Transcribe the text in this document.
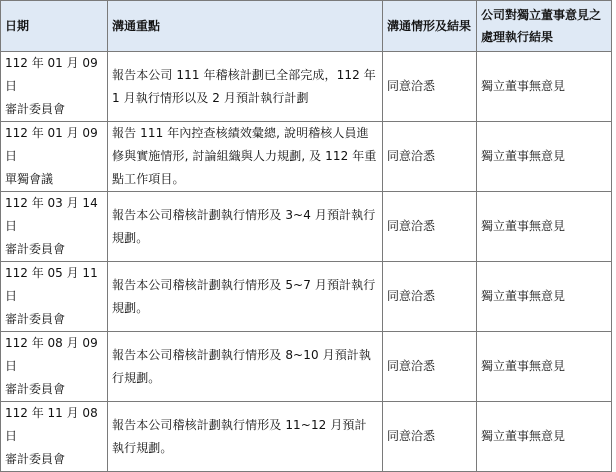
日期	溝通重點	溝通情形及結果	公司對獨立董事意見之處理執行結果

112 年 01 月 09 日
審計委員會	報告本公司 111 年稽核計劃已全部完成，112 年 1 月執行情形以及 2 月預計執行計劃	同意洽悉	獨立董事無意見

112 年 01 月 09 日
單獨會議	報告 111 年內控查核績效彙總, 說明稽核人員進修與實施情形, 討論組織與人力規劃, 及 112 年重點工作項目。	同意洽悉	獨立董事無意見

112 年 03 月 14 日
審計委員會	報告本公司稽核計劃執行情形及 3~4 月預計執行規劃。	同意洽悉	獨立董事無意見

112 年 05 月 11 日
審計委員會	報告本公司稽核計劃執行情形及 5~7 月預計執行規劃。	同意洽悉	獨立董事無意見

112 年 08 月 09 日
審計委員會	報告本公司稽核計劃執行情形及 8~10 月預計執行規劃。	同意洽悉	獨立董事無意見

112 年 11 月 08 日
審計委員會	報告本公司稽核計劃執行情形及 11~12 月預計執行規劃。	同意洽悉	獨立董事無意見
